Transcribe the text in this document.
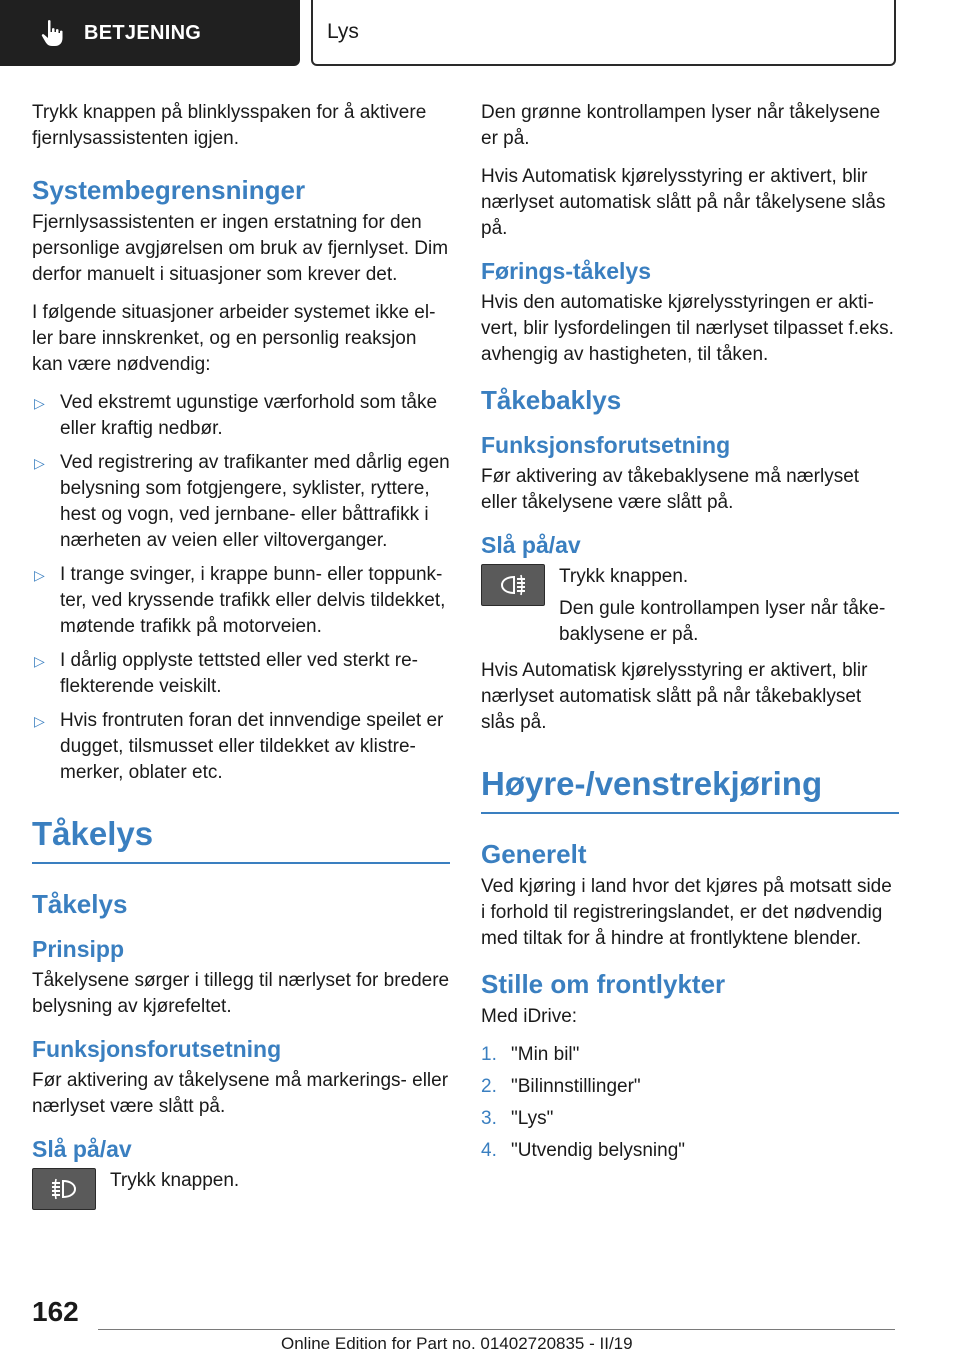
BETJENING	Lys

Trykk knappen på blinklysspaken for å aktivere fjernlysassistenten igjen.

Systembegrensninger

Fjernlysassistenten er ingen erstatning for den personlige avgjørelsen om bruk av fjernlyset. Dim derfor manuelt i situasjoner som krever det.

I følgende situasjoner arbeider systemet ikke eller bare innskrenket, og en personlig reaksjon kan være nødvendig:

▷ Ved ekstremt ugunstige værforhold som tåke eller kraftig nedbør.
▷ Ved registrering av trafikanter med dårlig egen belysning som fotgjengere, syklister, ryttere, hest og vogn, ved jernbane- eller båttrafikk i nærheten av veien eller viltoverganger.
▷ I trange svinger, i krappe bunn- eller toppunkter, ved kryssende trafikk eller delvis tildekket, møtende trafikk på motorveien.
▷ I dårlig opplyste tettsted eller ved sterkt reflekterende veiskilt.
▷ Hvis frontruten foran det innvendige speilet er dugget, tilsmusset eller tildekket av klistremerker, oblater etc.
Tåkelys
Tåkelys
Prinsipp

Tåkelysene sørger i tillegg til nærlyset for bredere belysning av kjørefeltet.

Funksjonsforutsetning

Før aktivering av tåkelysene må markerings- eller nærlyset være slått på.

Slå på/av

Trykk knappen.

Den grønne kontrollampen lyser når tåkelysene er på.

Hvis Automatisk kjørelysstyring er aktivert, blir nærlyset automatisk slått på når tåkelysene slås på.

Førings-tåkelys

Hvis den automatiske kjørelysstyringen er aktivert, blir lysfordelingen til nærlyset tilpasset f.eks. avhengig av hastigheten, til tåken.

Tåkebaklys
Funksjonsforutsetning

Før aktivering av tåkebaklysene må nærlyset eller tåkelysene være slått på.

Slå på/av

Trykk knappen.

Den gule kontrollampen lyser når tåkebaklysene er på.

Hvis Automatisk kjørelysstyring er aktivert, blir nærlyset automatisk slått på når tåkebaklyset slås på.

Høyre-/venstrekjøring
Generelt

Ved kjøring i land hvor det kjøres på motsatt side i forhold til registreringslandet, er det nødvendig med tiltak for å hindre at frontlyktene blender.

Stille om frontlykter

Med iDrive:

1. "Min bil"
2. "Bilinnstillinger"
3. "Lys"
4. "Utvendig belysning"
162
Online Edition for Part no. 01402720835 - II/19
